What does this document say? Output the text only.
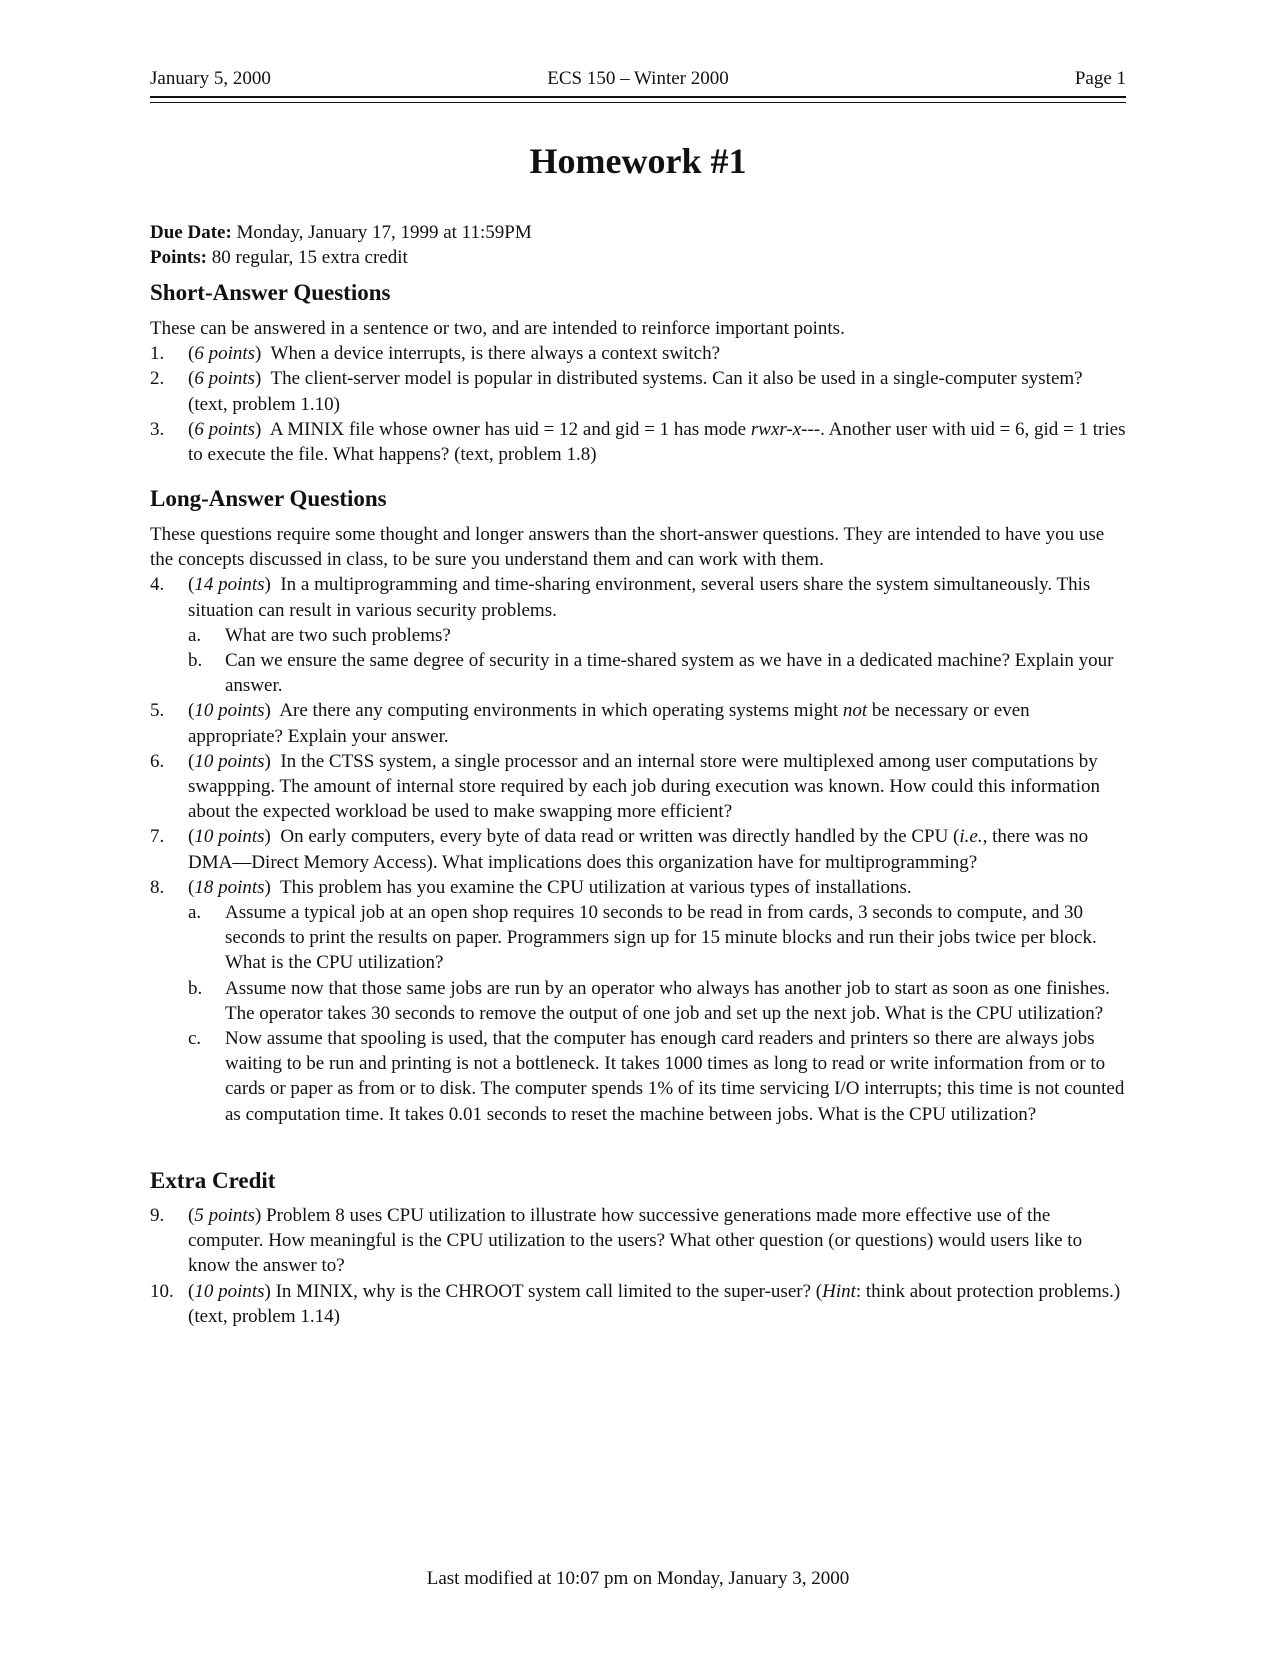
January 5, 2000	ECS 150 – Winter 2000	Page 1
Homework #1
Due Date: Monday, January 17, 1999 at 11:59PM
Points: 80 regular, 15 extra credit
Short-Answer Questions

These can be answered in a sentence or two, and are intended to reinforce important points.

1. (6 points)  When a device interrupts, is there always a context switch?
2. (6 points)  The client-server model is popular in distributed systems. Can it also be used in a single-computer system? (text, problem 1.10)
3. (6 points)  A MINIX file whose owner has uid = 12 and gid = 1 has mode rwxr-x---. Another user with uid = 6, gid = 1 tries to execute the file. What happens? (text, problem 1.8)
Long-Answer Questions

These questions require some thought and longer answers than the short-answer questions. They are intended to have you use the concepts discussed in class, to be sure you understand them and can work with them.

4. (14 points)  In a multiprogramming and time-sharing environment, several users share the system simultaneously. This situation can result in various security problems.
a. What are two such problems?
b. Can we ensure the same degree of security in a time-shared system as we have in a dedicated machine? Explain your answer.
5. (10 points)  Are there any computing environments in which operating systems might not be necessary or even appropriate? Explain your answer.
6. (10 points)  In the CTSS system, a single processor and an internal store were multiplexed among user computations by swappping. The amount of internal store required by each job during execution was known. How could this information about the expected workload be used to make swapping more efficient?
7. (10 points)  On early computers, every byte of data read or written was directly handled by the CPU (i.e., there was no DMA—Direct Memory Access). What implications does this organization have for multiprogramming?
8. (18 points)  This problem has you examine the CPU utilization at various types of installations.
a. Assume a typical job at an open shop requires 10 seconds to be read in from cards, 3 seconds to compute, and 30 seconds to print the results on paper. Programmers sign up for 15 minute blocks and run their jobs twice per block. What is the CPU utilization?
b. Assume now that those same jobs are run by an operator who always has another job to start as soon as one finishes. The operator takes 30 seconds to remove the output of one job and set up the next job. What is the CPU utilization?
c. Now assume that spooling is used, that the computer has enough card readers and printers so there are always jobs waiting to be run and printing is not a bottleneck. It takes 1000 times as long to read or write information from or to cards or paper as from or to disk. The computer spends 1% of its time servicing I/O interrupts; this time is not counted as computation time. It takes 0.01 seconds to reset the machine between jobs. What is the CPU utilization?
Extra Credit
9. (5 points) Problem 8 uses CPU utilization to illustrate how successive generations made more effective use of the computer. How meaningful is the CPU utilization to the users? What other question (or questions) would users like to know the answer to?
10. (10 points) In MINIX, why is the CHROOT system call limited to the super-user? (Hint: think about protection problems.) (text, problem 1.14)
Last modified at 10:07 pm on Monday, January 3, 2000
